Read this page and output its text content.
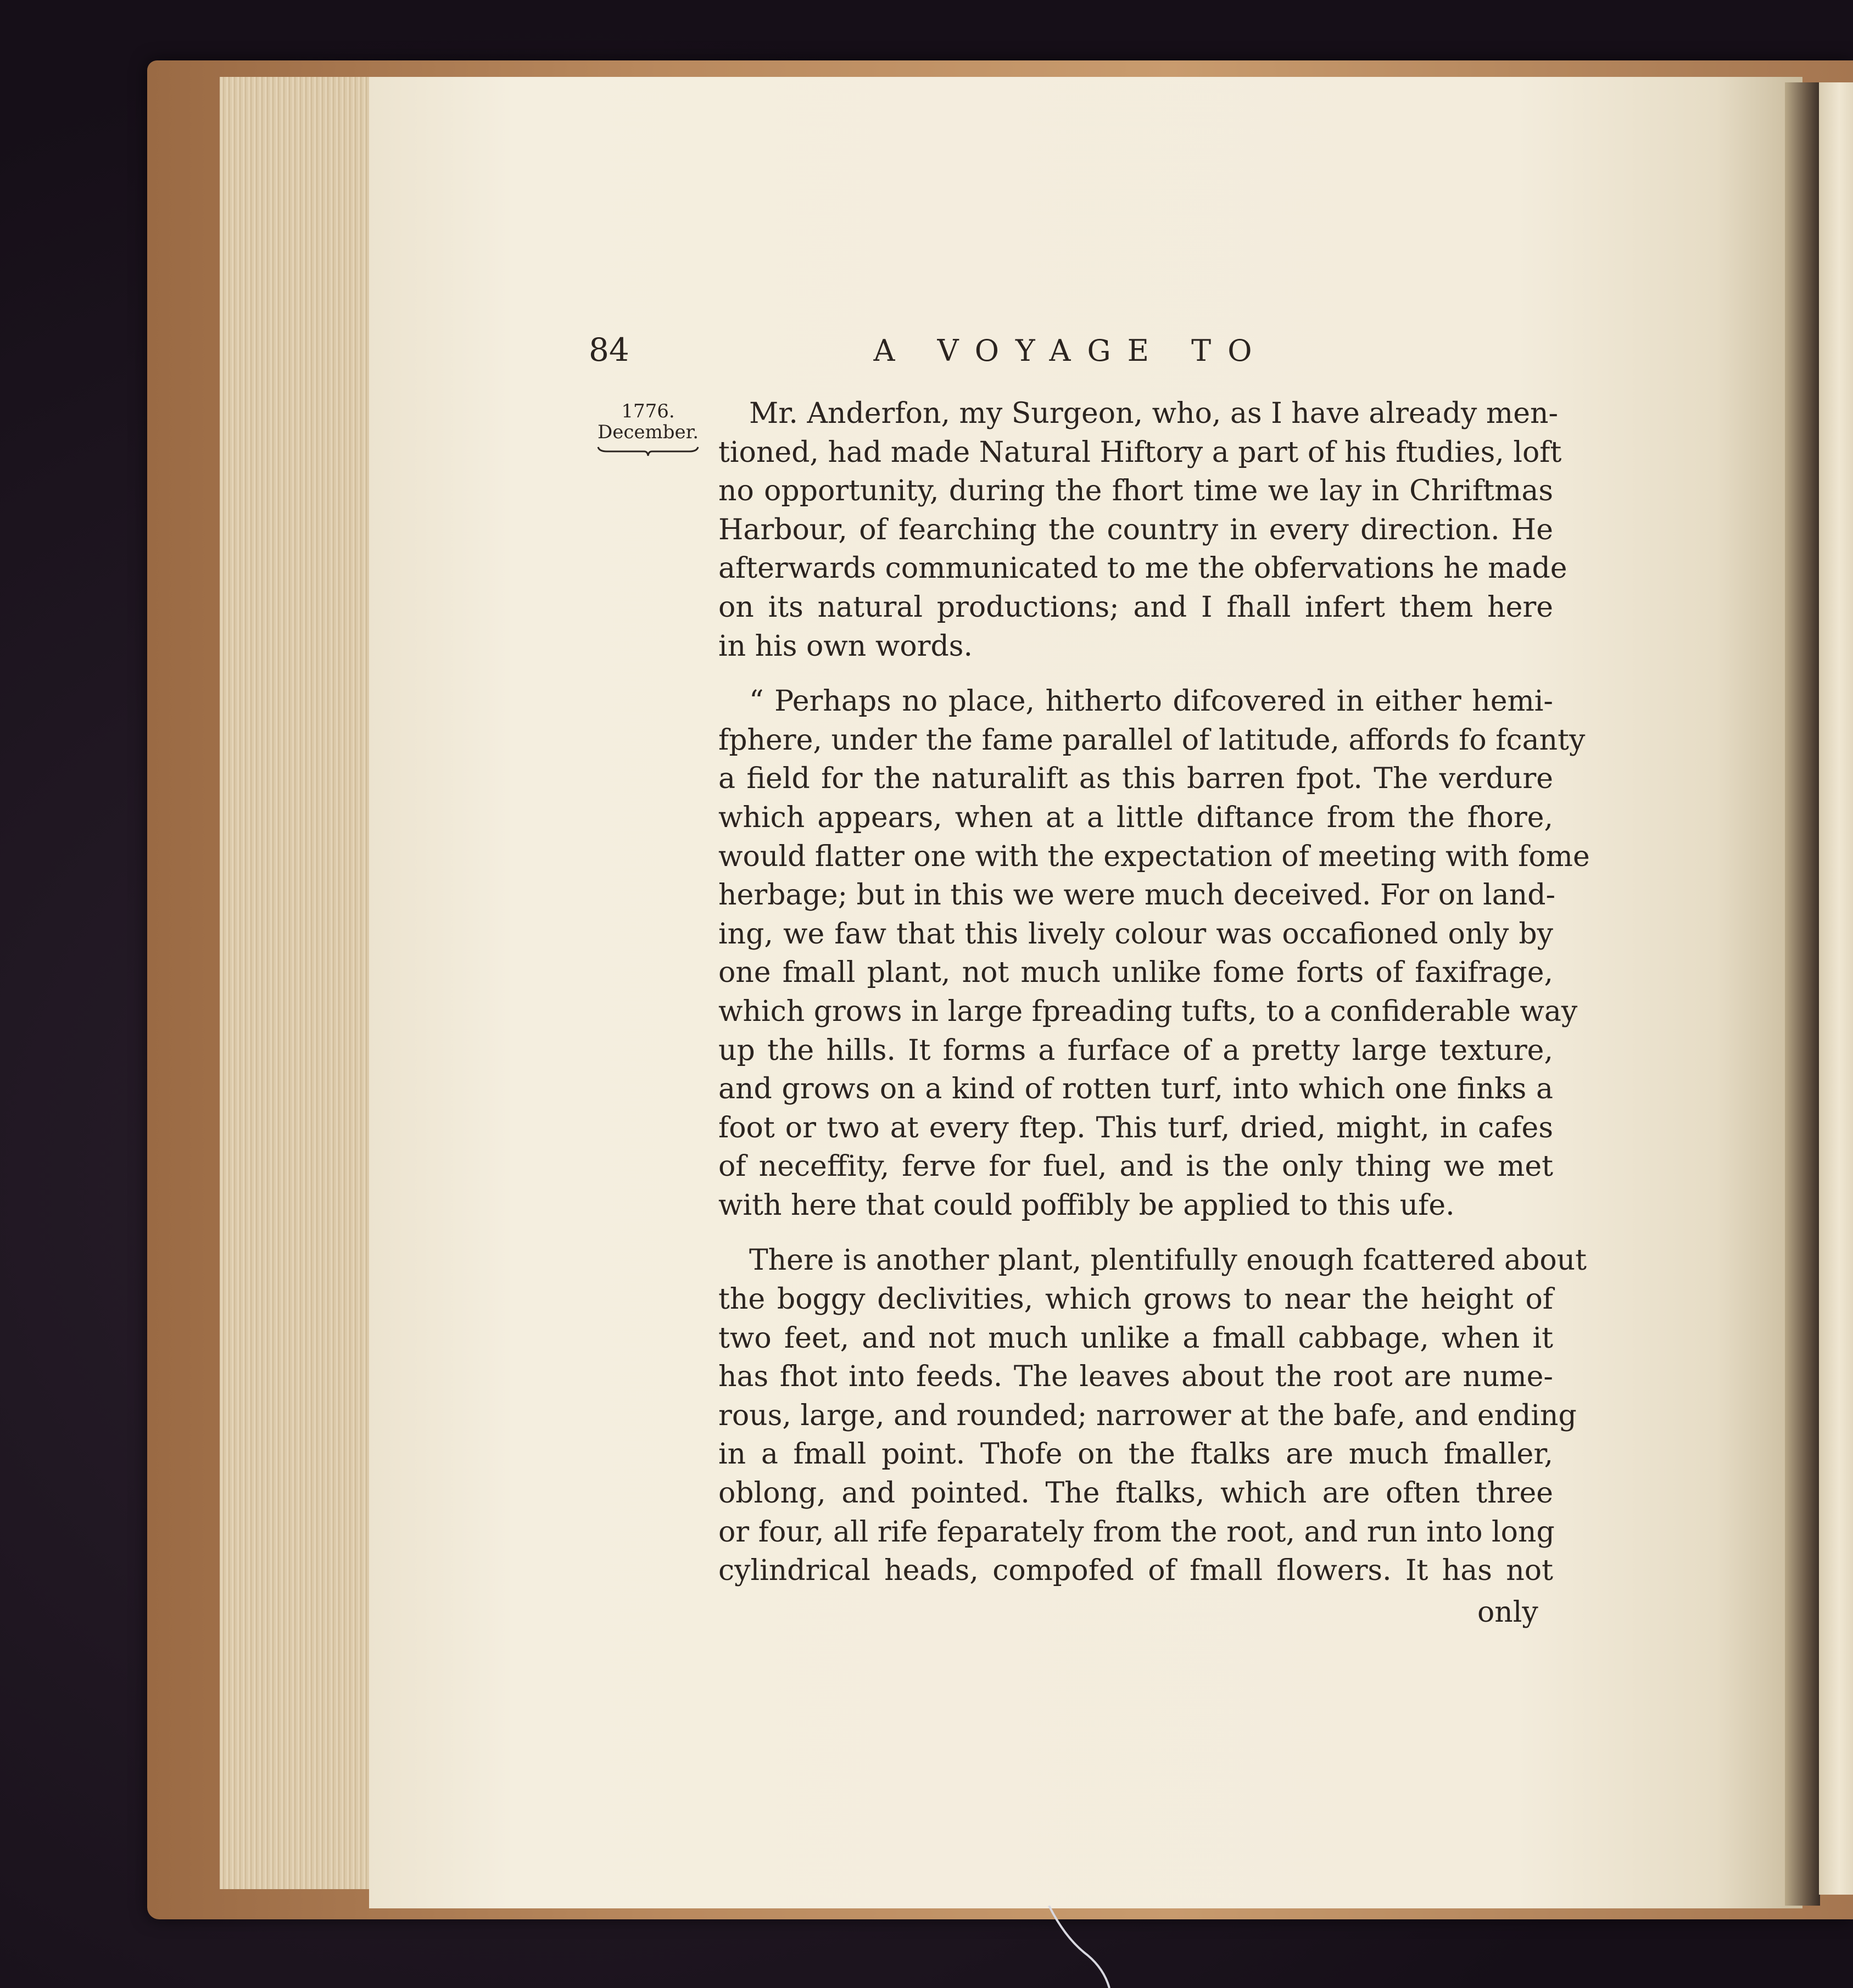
84	A VOYAGE TO
1776.
December.

Mr. Anderfon, my Surgeon, who, as I have already men-
tioned, had made Natural Hiftory a part of his ftudies, loft
no opportunity, during the fhort time we lay in Chriftmas
Harbour, of fearching the country in every direction. He
afterwards communicated to me the obfervations he made
on its natural productions; and I fhall infert them here
in his own words.

“ Perhaps no place, hitherto difcovered in either hemi-
fphere, under the fame parallel of latitude, affords fo fcanty
a field for the naturalift as this barren fpot. The verdure
which appears, when at a little diftance from the fhore,
would flatter one with the expectation of meeting with fome
herbage; but in this we were much deceived. For on land-
ing, we faw that this lively colour was occafioned only by
one fmall plant, not much unlike fome forts of faxifrage,
which grows in large fpreading tufts, to a confiderable way
up the hills. It forms a furface of a pretty large texture,
and grows on a kind of rotten turf, into which one finks a
foot or two at every ftep. This turf, dried, might, in cafes
of neceffity, ferve for fuel, and is the only thing we met
with here that could poffibly be applied to this ufe.

There is another plant, plentifully enough fcattered about
the boggy declivities, which grows to near the height of
two feet, and not much unlike a fmall cabbage, when it
has fhot into feeds. The leaves about the root are nume-
rous, large, and rounded; narrower at the bafe, and ending
in a fmall point. Thofe on the ftalks are much fmaller,
oblong, and pointed. The ftalks, which are often three
or four, all rife feparately from the root, and run into long
cylindrical heads, compofed of fmall flowers. It has not

only
